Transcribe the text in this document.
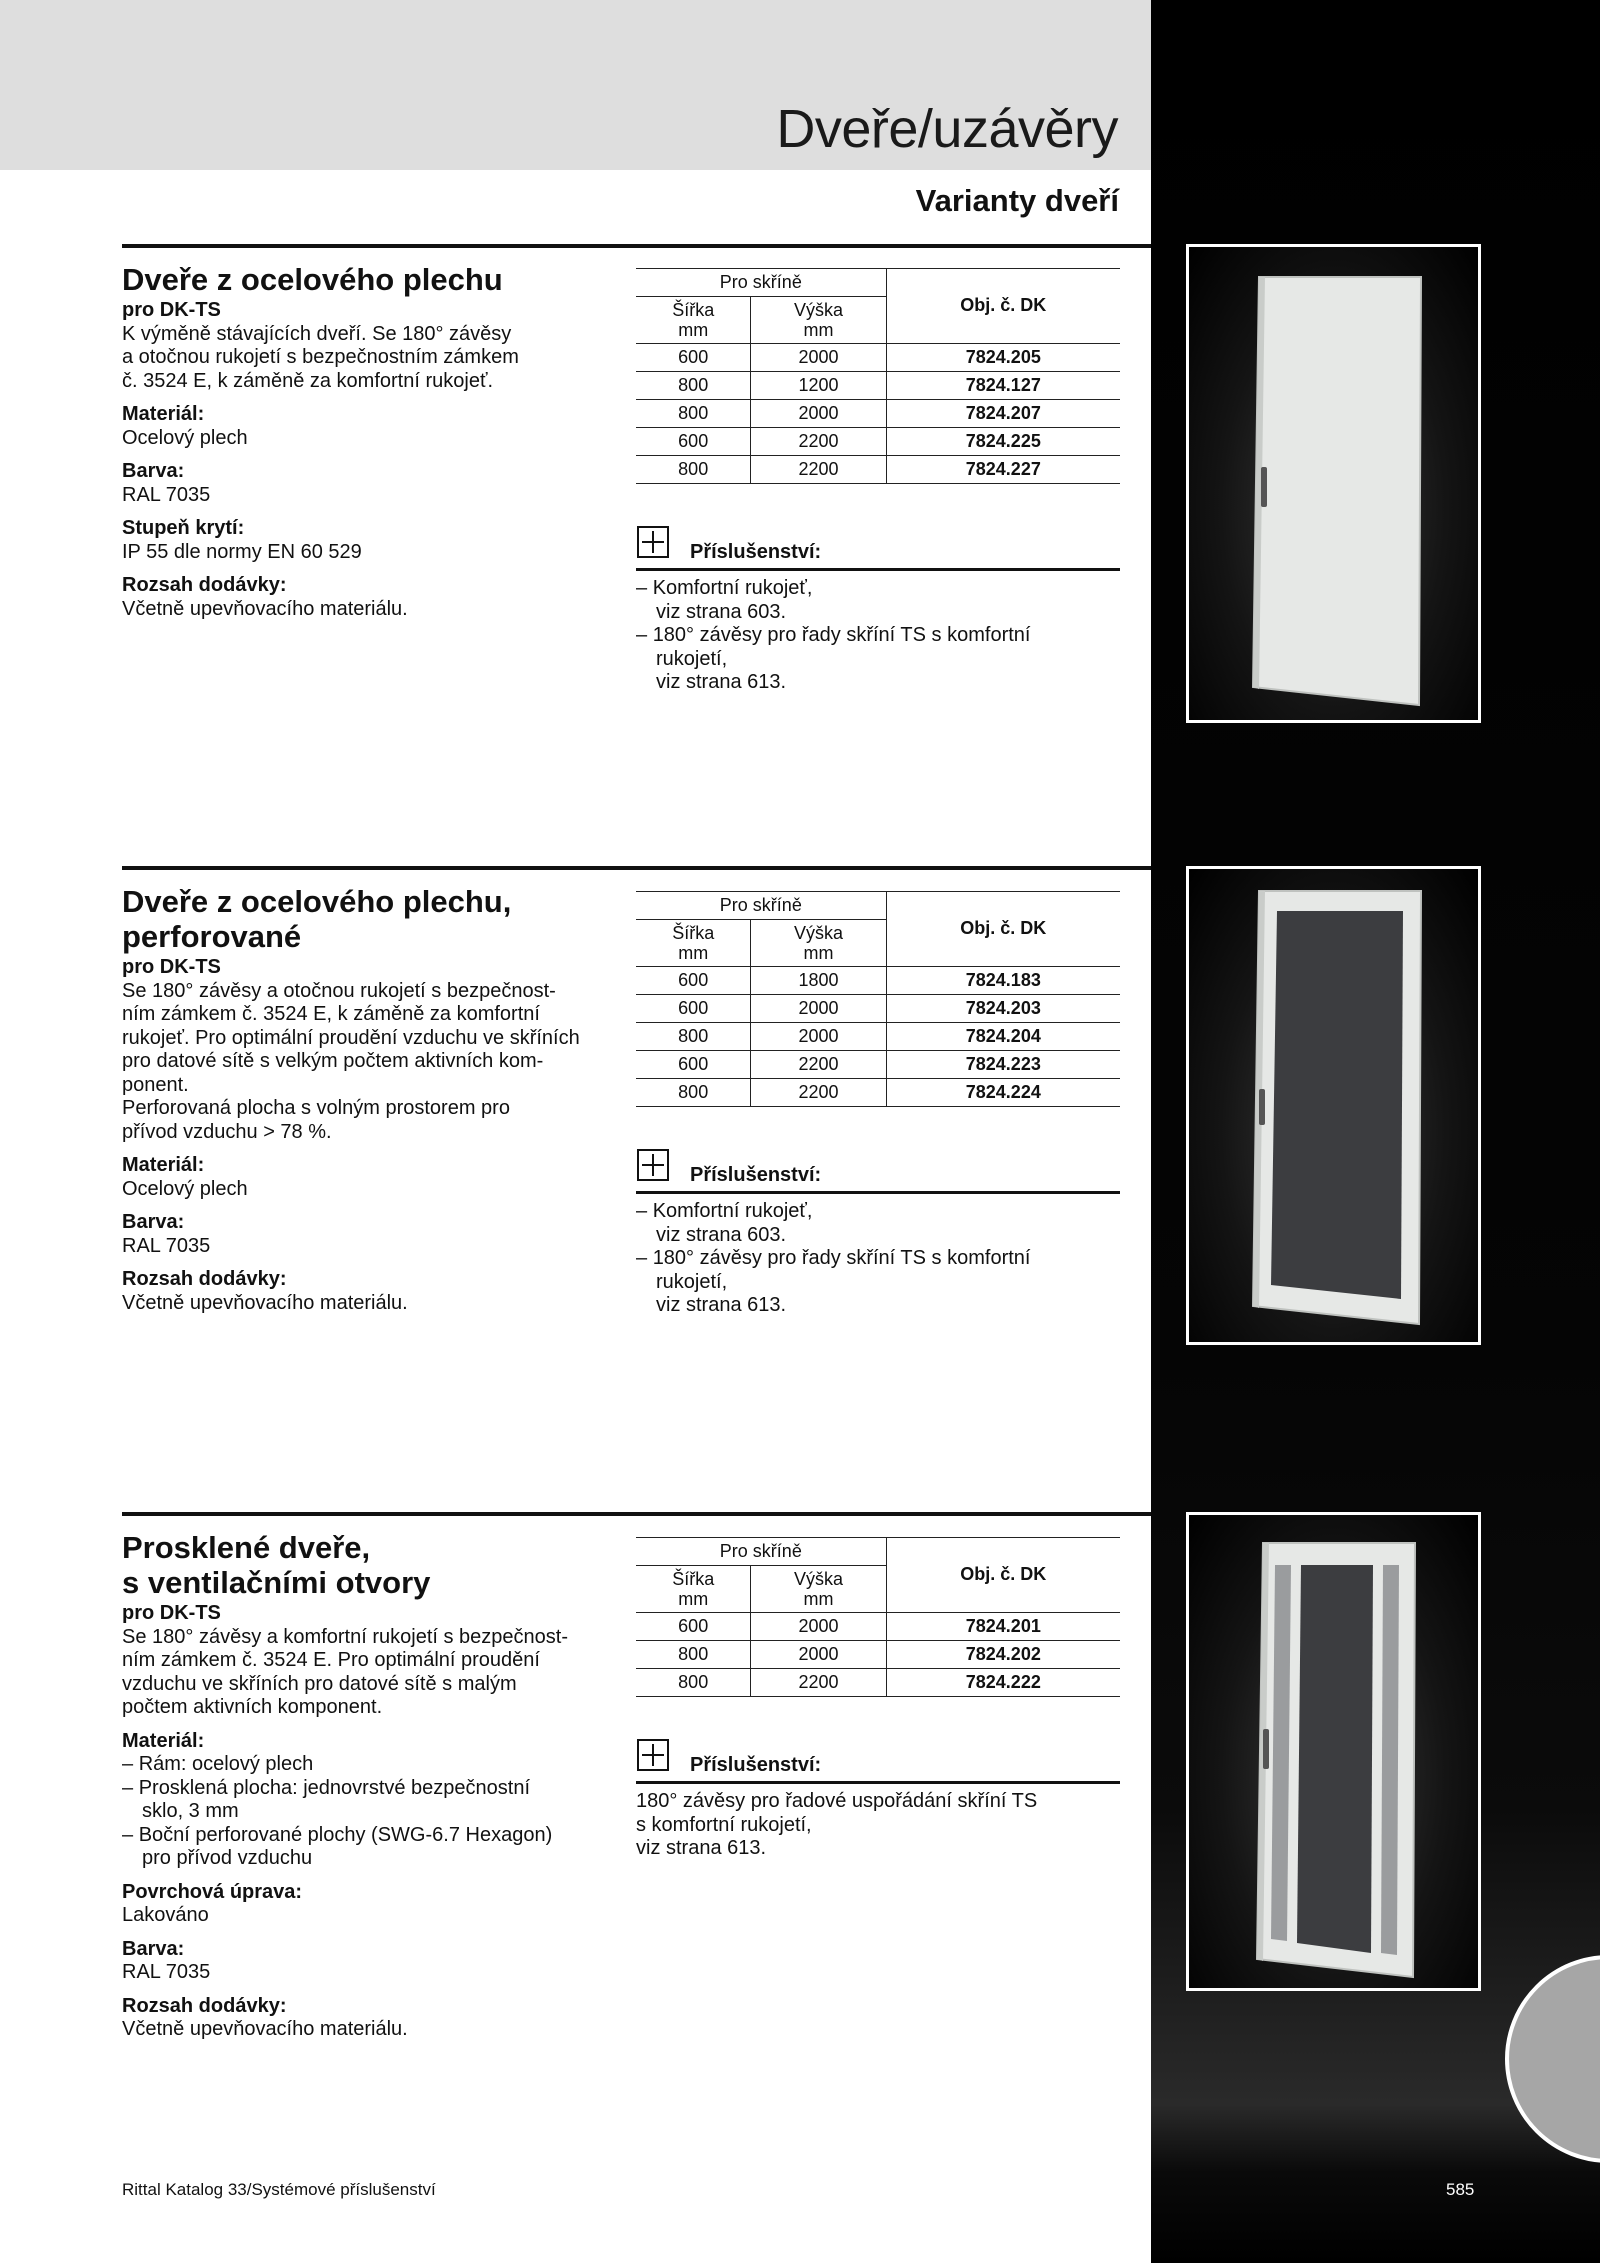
Dveře/uzávěry
Varianty dveří
Dveře z ocelového plechu
pro DK-TS

K výměně stávajících dveří. Se 180° závěsy
a otočnou rukojetí s bezpečnostním zámkem
č. 3524 E, k záměně za komfortní rukojeť.

Materiál:
Ocelový plech
Barva:
RAL 7035
Stupeň krytí:
IP 55 dle normy EN 60 529
Rozsah dodávky:
Včetně upevňovacího materiálu.
Pro skříně		Obj. č. DK
Šířka
mm	Výška
mm	
600	2000	7824.205
800	1200	7824.127
800	2000	7824.207
600	2200	7824.225
800	2200	7824.227
Příslušenství:
– Komfortní rukojeť,
viz strana 603.
– 180° závěsy pro řady skříní TS s komfortní
rukojetí,
viz strana 613.
Dveře z ocelového plechu,
perforované
pro DK-TS

Se 180° závěsy a otočnou rukojetí s bezpečnost-
ním zámkem č. 3524 E, k záměně za komfortní
rukojeť. Pro optimální proudění vzduchu ve skříních
pro datové sítě s velkým počtem aktivních kom-
ponent.
Perforovaná plocha s volným prostorem pro
přívod vzduchu > 78 %.

Materiál:
Ocelový plech
Barva:
RAL 7035
Rozsah dodávky:
Včetně upevňovacího materiálu.
Pro skříně		Obj. č. DK
Šířka
mm	Výška
mm	
600	1800	7824.183
600	2000	7824.203
800	2000	7824.204
600	2200	7824.223
800	2200	7824.224
Příslušenství:
– Komfortní rukojeť,
viz strana 603.
– 180° závěsy pro řady skříní TS s komfortní
rukojetí,
viz strana 613.
Prosklené dveře,
s ventilačními otvory
pro DK-TS

Se 180° závěsy a komfortní rukojetí s bezpečnost-
ním zámkem č. 3524 E. Pro optimální proudění
vzduchu ve skříních pro datové sítě s malým
počtem aktivních komponent.

Materiál:
– Rám: ocelový plech
– Prosklená plocha: jednovrstvé bezpečnostní
sklo, 3 mm
– Boční perforované plochy (SWG-6.7 Hexagon)
pro přívod vzduchu
Povrchová úprava:
Lakováno
Barva:
RAL 7035
Rozsah dodávky:
Včetně upevňovacího materiálu.
Pro skříně		Obj. č. DK
Šířka
mm	Výška
mm	
600	2000	7824.201
800	2000	7824.202
800	2200	7824.222
Příslušenství:

180° závěsy pro řadové uspořádání skříní TS
s komfortní rukojetí,
viz strana 613.

Rittal Katalog 33/Systémové příslušenství	585
